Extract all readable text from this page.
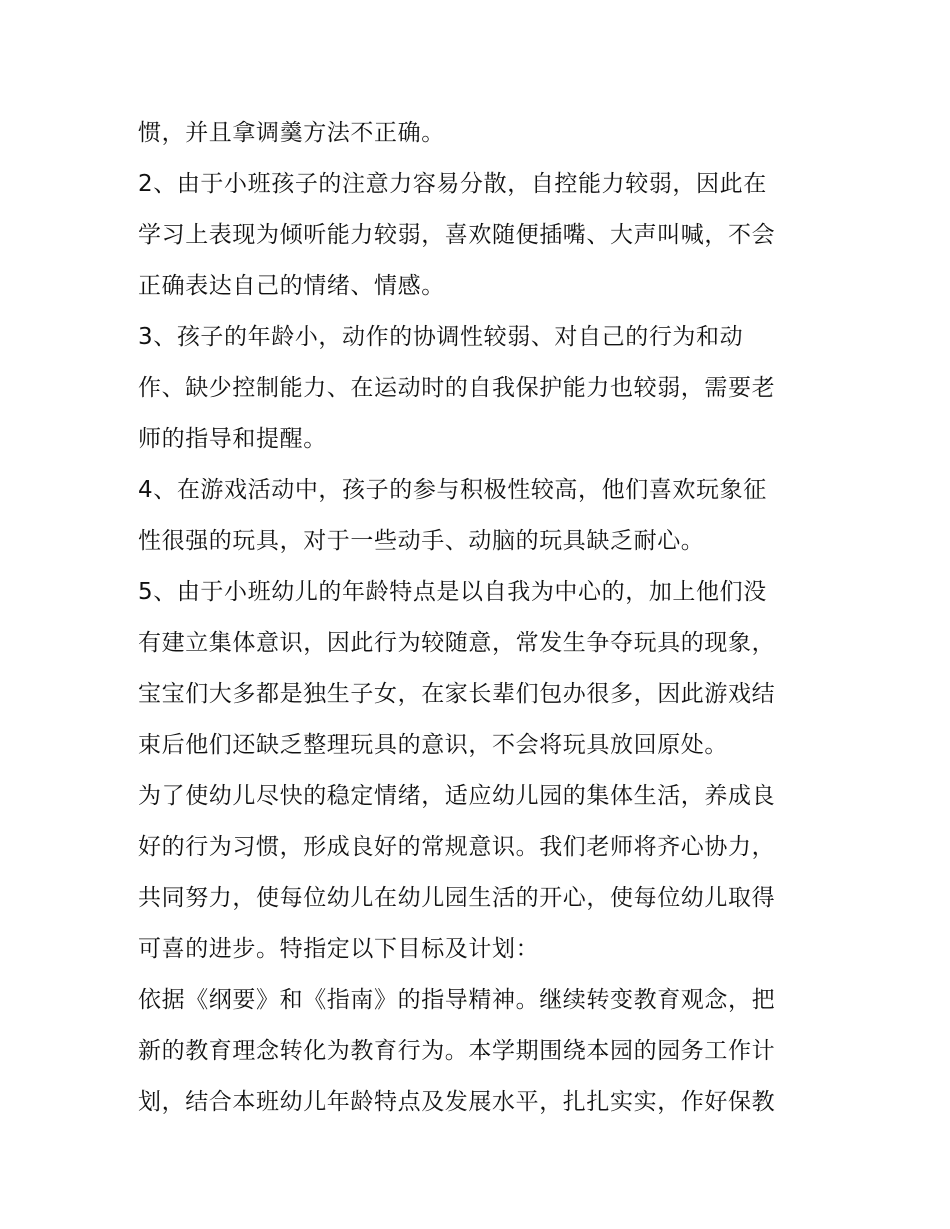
惯，并且拿调羹方法不正确。
2、由于小班孩子的注意力容易分散，自控能力较弱，因此在
学习上表现为倾听能力较弱，喜欢随便插嘴、大声叫喊，不会
正确表达自己的情绪、情感。
3、孩子的年龄小，动作的协调性较弱、对自己的行为和动
作、缺少控制能力、在运动时的自我保护能力也较弱，需要老
师的指导和提醒。
4、在游戏活动中，孩子的参与积极性较高，他们喜欢玩象征
性很强的玩具，对于一些动手、动脑的玩具缺乏耐心。
5、由于小班幼儿的年龄特点是以自我为中心的，加上他们没
有建立集体意识，因此行为较随意，常发生争夺玩具的现象，
宝宝们大多都是独生子女，在家长辈们包办很多，因此游戏结
束后他们还缺乏整理玩具的意识，不会将玩具放回原处。
为了使幼儿尽快的稳定情绪，适应幼儿园的集体生活，养成良
好的行为习惯，形成良好的常规意识。我们老师将齐心协力，
共同努力，使每位幼儿在幼儿园生活的开心，使每位幼儿取得
可喜的进步。特指定以下目标及计划：
依据《纲要》和《指南》的指导精神。继续转变教育观念，把
新的教育理念转化为教育行为。本学期围绕本园的园务工作计
划，结合本班幼儿年龄特点及发展水平，扎扎实实，作好保教
